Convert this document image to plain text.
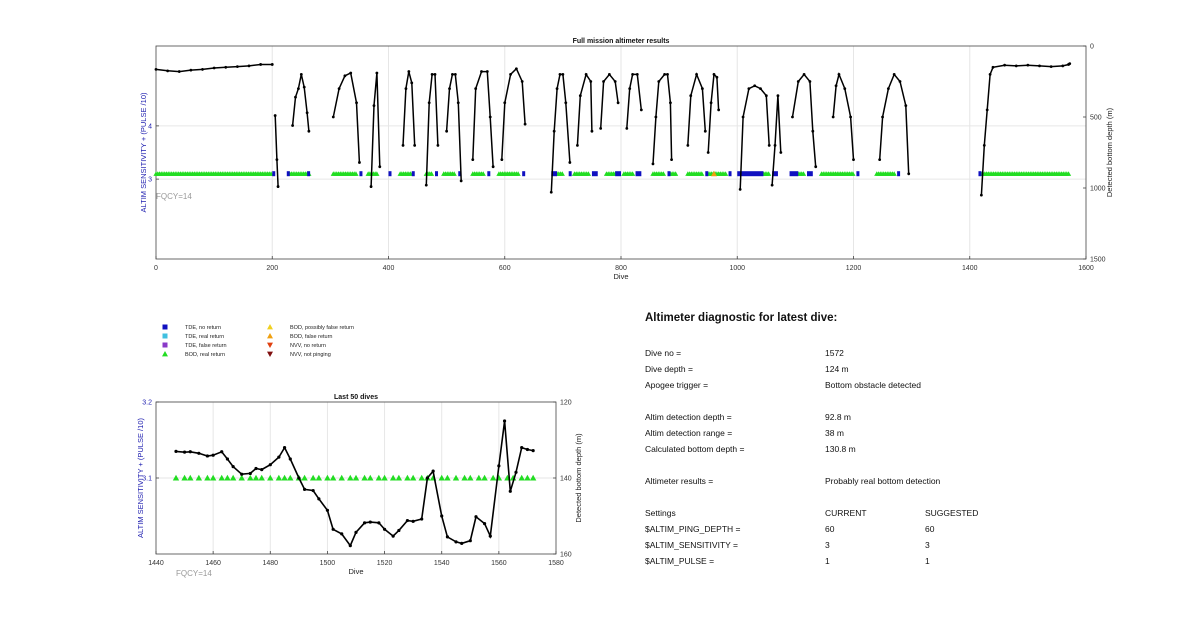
0	200	400	600	800	1000	1200	1400	1600
3
4
0
500
1000
1500
Full mission altimeter results
Dive
ALTIM SENSITIVITY + (PULSE /10)	Detected bottom depth (m)
FQCY=14
1440	1460	1480	1500	1520	1540	1560	1580
3.1
3.2	120
140
160
Last 50 dives
Dive
ALTIM SENSITIVITY + (PULSE /10)	Detected bottom depth (m)
FQCY=14
TDE, no return
TDE, real return
TDE, false return
BOD, real return
BOD, possibly false return
BOD, false return
NVV, no return
NVV, not pinging
Altimeter diagnostic for latest dive:
Dive no =	1572
Dive depth =	124 m
Apogee trigger =	Bottom obstacle detected
Altim detection depth =	92.8 m
Altim detection range =	38 m
Calculated bottom depth =	130.8 m
Altimeter results =	Probably real bottom detection
Settings	CURRENT	SUGGESTED
$ALTIM_PING_DEPTH =	60	60
$ALTIM_SENSITIVITY =	3	3
$ALTIM_PULSE =	1	1
